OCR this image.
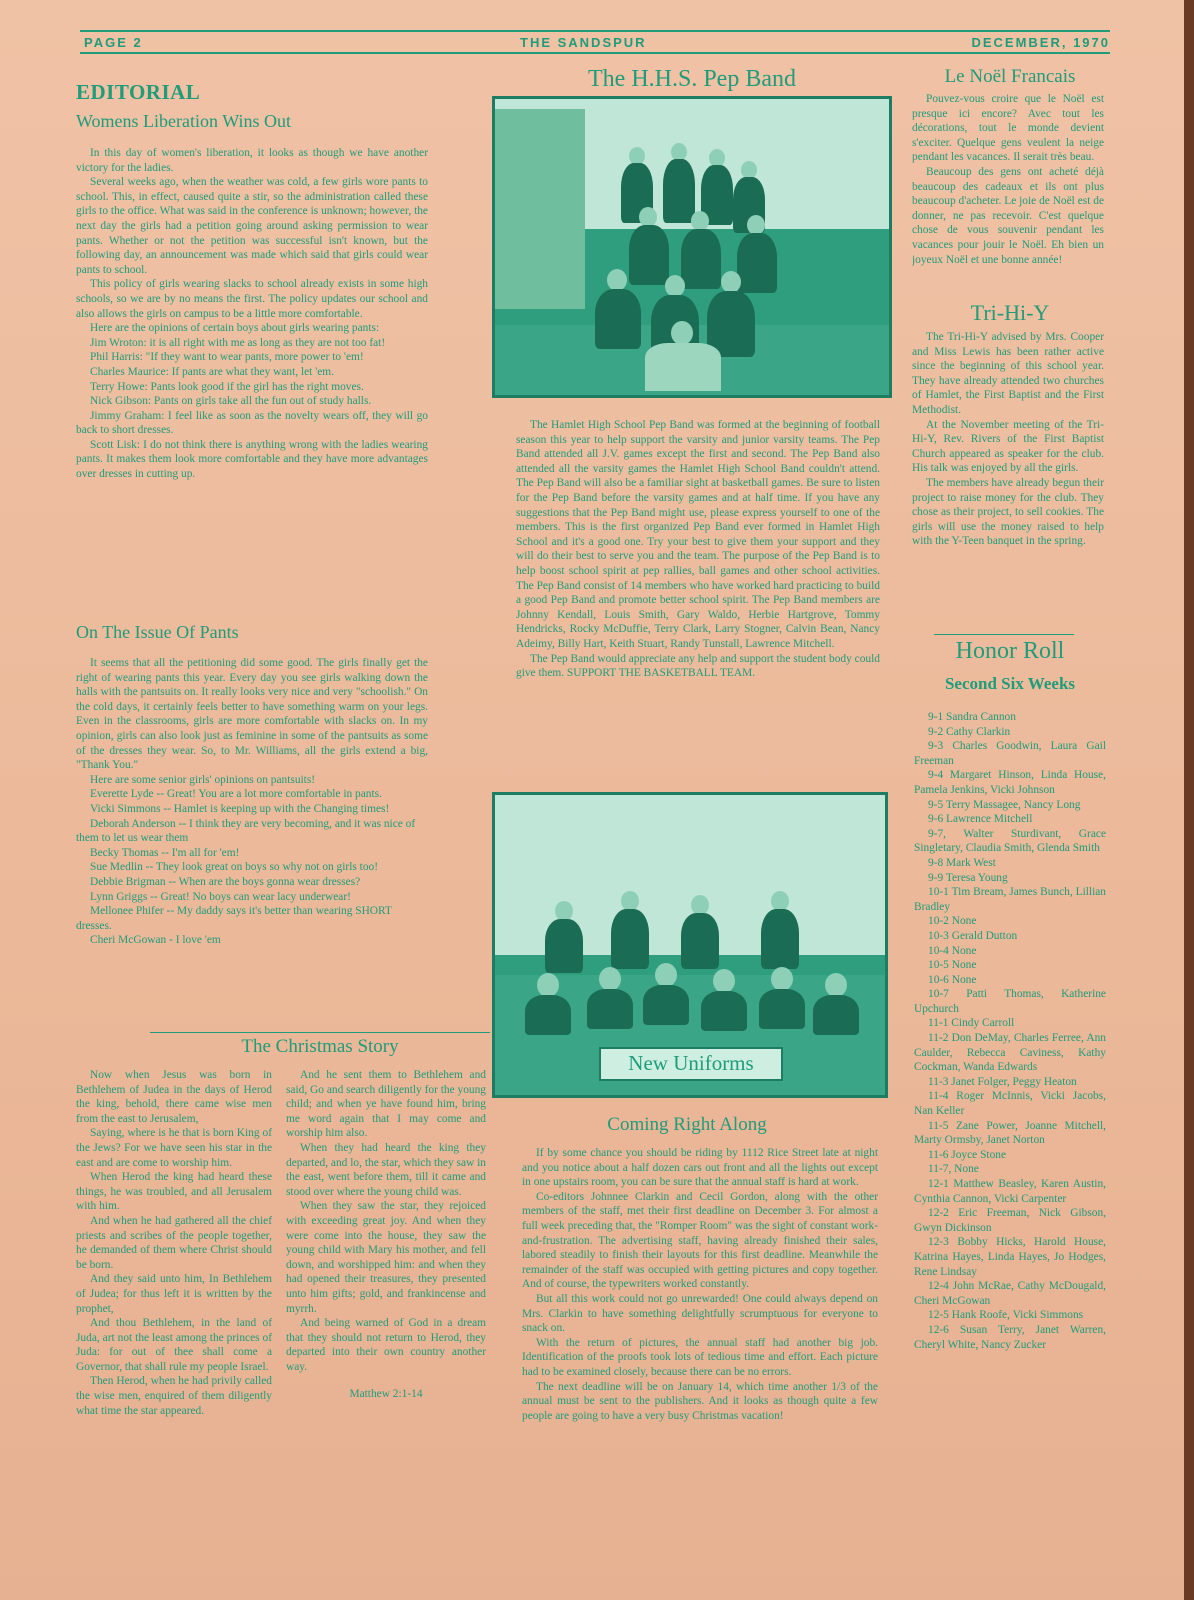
PAGE 2	THE SANDSPUR	DECEMBER, 1970
EDITORIAL
Womens Liberation Wins Out

In this day of women's liberation, it looks as though we have another victory for the ladies.

Several weeks ago, when the weather was cold, a few girls wore pants to school. This, in effect, caused quite a stir, so the administration called these girls to the office. What was said in the conference is unknown; however, the next day the girls had a petition going around asking permission to wear pants. Whether or not the petition was successful isn't known, but the following day, an announcement was made which said that girls could wear pants to school.

This policy of girls wearing slacks to school already exists in some high schools, so we are by no means the first. The policy updates our school and also allows the girls on campus to be a little more comfortable.

Here are the opinions of certain boys about girls wearing pants:

Jim Wroton: it is all right with me as long as they are not too fat!

Phil Harris: "If they want to wear pants, more power to 'em!

Charles Maurice: If pants are what they want, let 'em.

Terry Howe: Pants look good if the girl has the right moves.

Nick Gibson: Pants on girls take all the fun out of study halls.

Jimmy Graham: I feel like as soon as the novelty wears off, they will go back to short dresses.

Scott Lisk: I do not think there is anything wrong with the ladies wearing pants. It makes them look more comfortable and they have more advantages over dresses in cutting up.

On The Issue Of Pants

It seems that all the petitioning did some good. The girls finally get the right of wearing pants this year. Every day you see girls walking down the halls with the pantsuits on. It really looks very nice and very "schoolish." On the cold days, it certainly feels better to have something warm on your legs. Even in the classrooms, girls are more comfortable with slacks on. In my opinion, girls can also look just as feminine in some of the pantsuits as some of the dresses they wear. So, to Mr. Williams, all the girls extend a big, "Thank You."

Here are some senior girls' opinions on pantsuits!

Everette Lyde -- Great! You are a lot more comfortable in pants.

Vicki Simmons -- Hamlet is keeping up with the Changing times!

Deborah Anderson -- I think they are very becoming, and it was nice of them to let us wear them

Becky Thomas -- I'm all for 'em!

Sue Medlin -- They look great on boys so why not on girls too!

Debbie Brigman -- When are the boys gonna wear dresses?

Lynn Griggs -- Great! No boys can wear lacy underwear!

Mellonee Phifer -- My daddy says it's better than wearing SHORT dresses.

Cheri McGowan - I love 'em

The Christmas Story

Now when Jesus was born in Bethlehem of Judea in the days of Herod the king, behold, there came wise men from the east to Jerusalem,

Saying, where is he that is born King of the Jews? For we have seen his star in the east and are come to worship him.

When Herod the king had heard these things, he was troubled, and all Jerusalem with him.

And when he had gathered all the chief priests and scribes of the people together, he demanded of them where Christ should be born.

And they said unto him, In Bethlehem of Judea; for thus left it is written by the prophet,

And thou Bethlehem, in the land of Juda, art not the least among the princes of Juda: for out of thee shall come a Governor, that shall rule my people Israel.

Then Herod, when he had privily called the wise men, enquired of them diligently what time the star appeared.

And he sent them to Bethlehem and said, Go and search diligently for the young child; and when ye have found him, bring me word again that I may come and worship him also.

When they had heard the king they departed, and lo, the star, which they saw in the east, went before them, till it came and stood over where the young child was.

When they saw the star, they rejoiced with exceeding great joy. And when they were come into the house, they saw the young child with Mary his mother, and fell down, and worshipped him: and when they had opened their treasures, they presented unto him gifts; gold, and frankincense and myrrh.

And being warned of God in a dream that they should not return to Herod, they departed into their own country another way.

Matthew 2:1-14

The H.H.S. Pep Band

The Hamlet High School Pep Band was formed at the beginning of football season this year to help support the varsity and junior varsity teams. The Pep Band attended all J.V. games except the first and second. The Pep Band also attended all the varsity games the Hamlet High School Band couldn't attend. The Pep Band will also be a familiar sight at basketball games. Be sure to listen for the Pep Band before the varsity games and at half time. If you have any suggestions that the Pep Band might use, please express yourself to one of the members. This is the first organized Pep Band ever formed in Hamlet High School and it's a good one. Try your best to give them your support and they will do their best to serve you and the team. The purpose of the Pep Band is to help boost school spirit at pep rallies, ball games and other school activities. The Pep Band consist of 14 members who have worked hard practicing to build a good Pep Band and promote better school spirit. The Pep Band members are Johnny Kendall, Louis Smith, Gary Waldo, Herbie Hartgrove, Tommy Hendricks, Rocky McDuffie, Terry Clark, Larry Stogner, Calvin Bean, Nancy Adeimy, Billy Hart, Keith Stuart, Randy Tunstall, Lawrence Mitchell.

The Pep Band would appreciate any help and support the student body could give them. SUPPORT THE BASKETBALL TEAM.

New Uniforms
Coming Right Along

If by some chance you should be riding by 1112 Rice Street late at night and you notice about a half dozen cars out front and all the lights out except in one upstairs room, you can be sure that the annual staff is hard at work.

Co-editors Johnnee Clarkin and Cecil Gordon, along with the other members of the staff, met their first deadline on December 3. For almost a full week preceding that, the "Romper Room" was the sight of constant work-and-frustration. The advertising staff, having already finished their sales, labored steadily to finish their layouts for this first deadline. Meanwhile the remainder of the staff was occupied with getting pictures and copy together. And of course, the typewriters worked constantly.

But all this work could not go unrewarded! One could always depend on Mrs. Clarkin to have something delightfully scrumptuous for everyone to snack on.

With the return of pictures, the annual staff had another big job. Identification of the proofs took lots of tedious time and effort. Each picture had to be examined closely, because there can be no errors.

The next deadline will be on January 14, which time another 1/3 of the annual must be sent to the publishers. And it looks as though quite a few people are going to have a very busy Christmas vacation!

Le Noël Francais

Pouvez-vous croire que le Noël est presque ici encore? Avec tout les décorations, tout le monde devient s'exciter. Quelque gens veulent la neige pendant les vacances. Il serait très beau.

Beaucoup des gens ont acheté déjà beaucoup des cadeaux et ils ont plus beaucoup d'acheter. Le joie de Noël est de donner, ne pas recevoir. C'est quelque chose de vous souvenir pendant les vacances pour jouir le Noël. Eh bien un joyeux Noël et une bonne année!

Tri-Hi-Y

The Tri-Hi-Y advised by Mrs. Cooper and Miss Lewis has been rather active since the beginning of this school year. They have already attended two churches of Hamlet, the First Baptist and the First Methodist.

At the November meeting of the Tri-Hi-Y, Rev. Rivers of the First Baptist Church appeared as speaker for the club. His talk was enjoyed by all the girls.

The members have already begun their project to raise money for the club. They chose as their project, to sell cookies. The girls will use the money raised to help with the Y-Teen banquet in the spring.

Honor Roll
Second Six Weeks

9-1 Sandra Cannon

9-2 Cathy Clarkin

9-3 Charles Goodwin, Laura Gail Freeman

9-4 Margaret Hinson, Linda House, Pamela Jenkins, Vicki Johnson

9-5 Terry Massagee, Nancy Long

9-6 Lawrence Mitchell

9-7, Walter Sturdivant, Grace Singletary, Claudia Smith, Glenda Smith

9-8 Mark West

9-9 Teresa Young

10-1 Tim Bream, James Bunch, Lillian Bradley

10-2 None

10-3 Gerald Dutton

10-4 None

10-5 None

10-6 None

10-7 Patti Thomas, Katherine Upchurch

11-1 Cindy Carroll

11-2 Don DeMay, Charles Ferree, Ann Caulder, Rebecca Caviness, Kathy Cockman, Wanda Edwards

11-3 Janet Folger, Peggy Heaton

11-4 Roger McInnis, Vicki Jacobs, Nan Keller

11-5 Zane Power, Joanne Mitchell, Marty Ormsby, Janet Norton

11-6 Joyce Stone

11-7, None

12-1 Matthew Beasley, Karen Austin, Cynthia Cannon, Vicki Carpenter

12-2 Eric Freeman, Nick Gibson, Gwyn Dickinson

12-3 Bobby Hicks, Harold House, Katrina Hayes, Linda Hayes, Jo Hodges, Rene Lindsay

12-4 John McRae, Cathy McDougald, Cheri McGowan

12-5 Hank Roofe, Vicki Simmons

12-6 Susan Terry, Janet Warren, Cheryl White, Nancy Zucker
